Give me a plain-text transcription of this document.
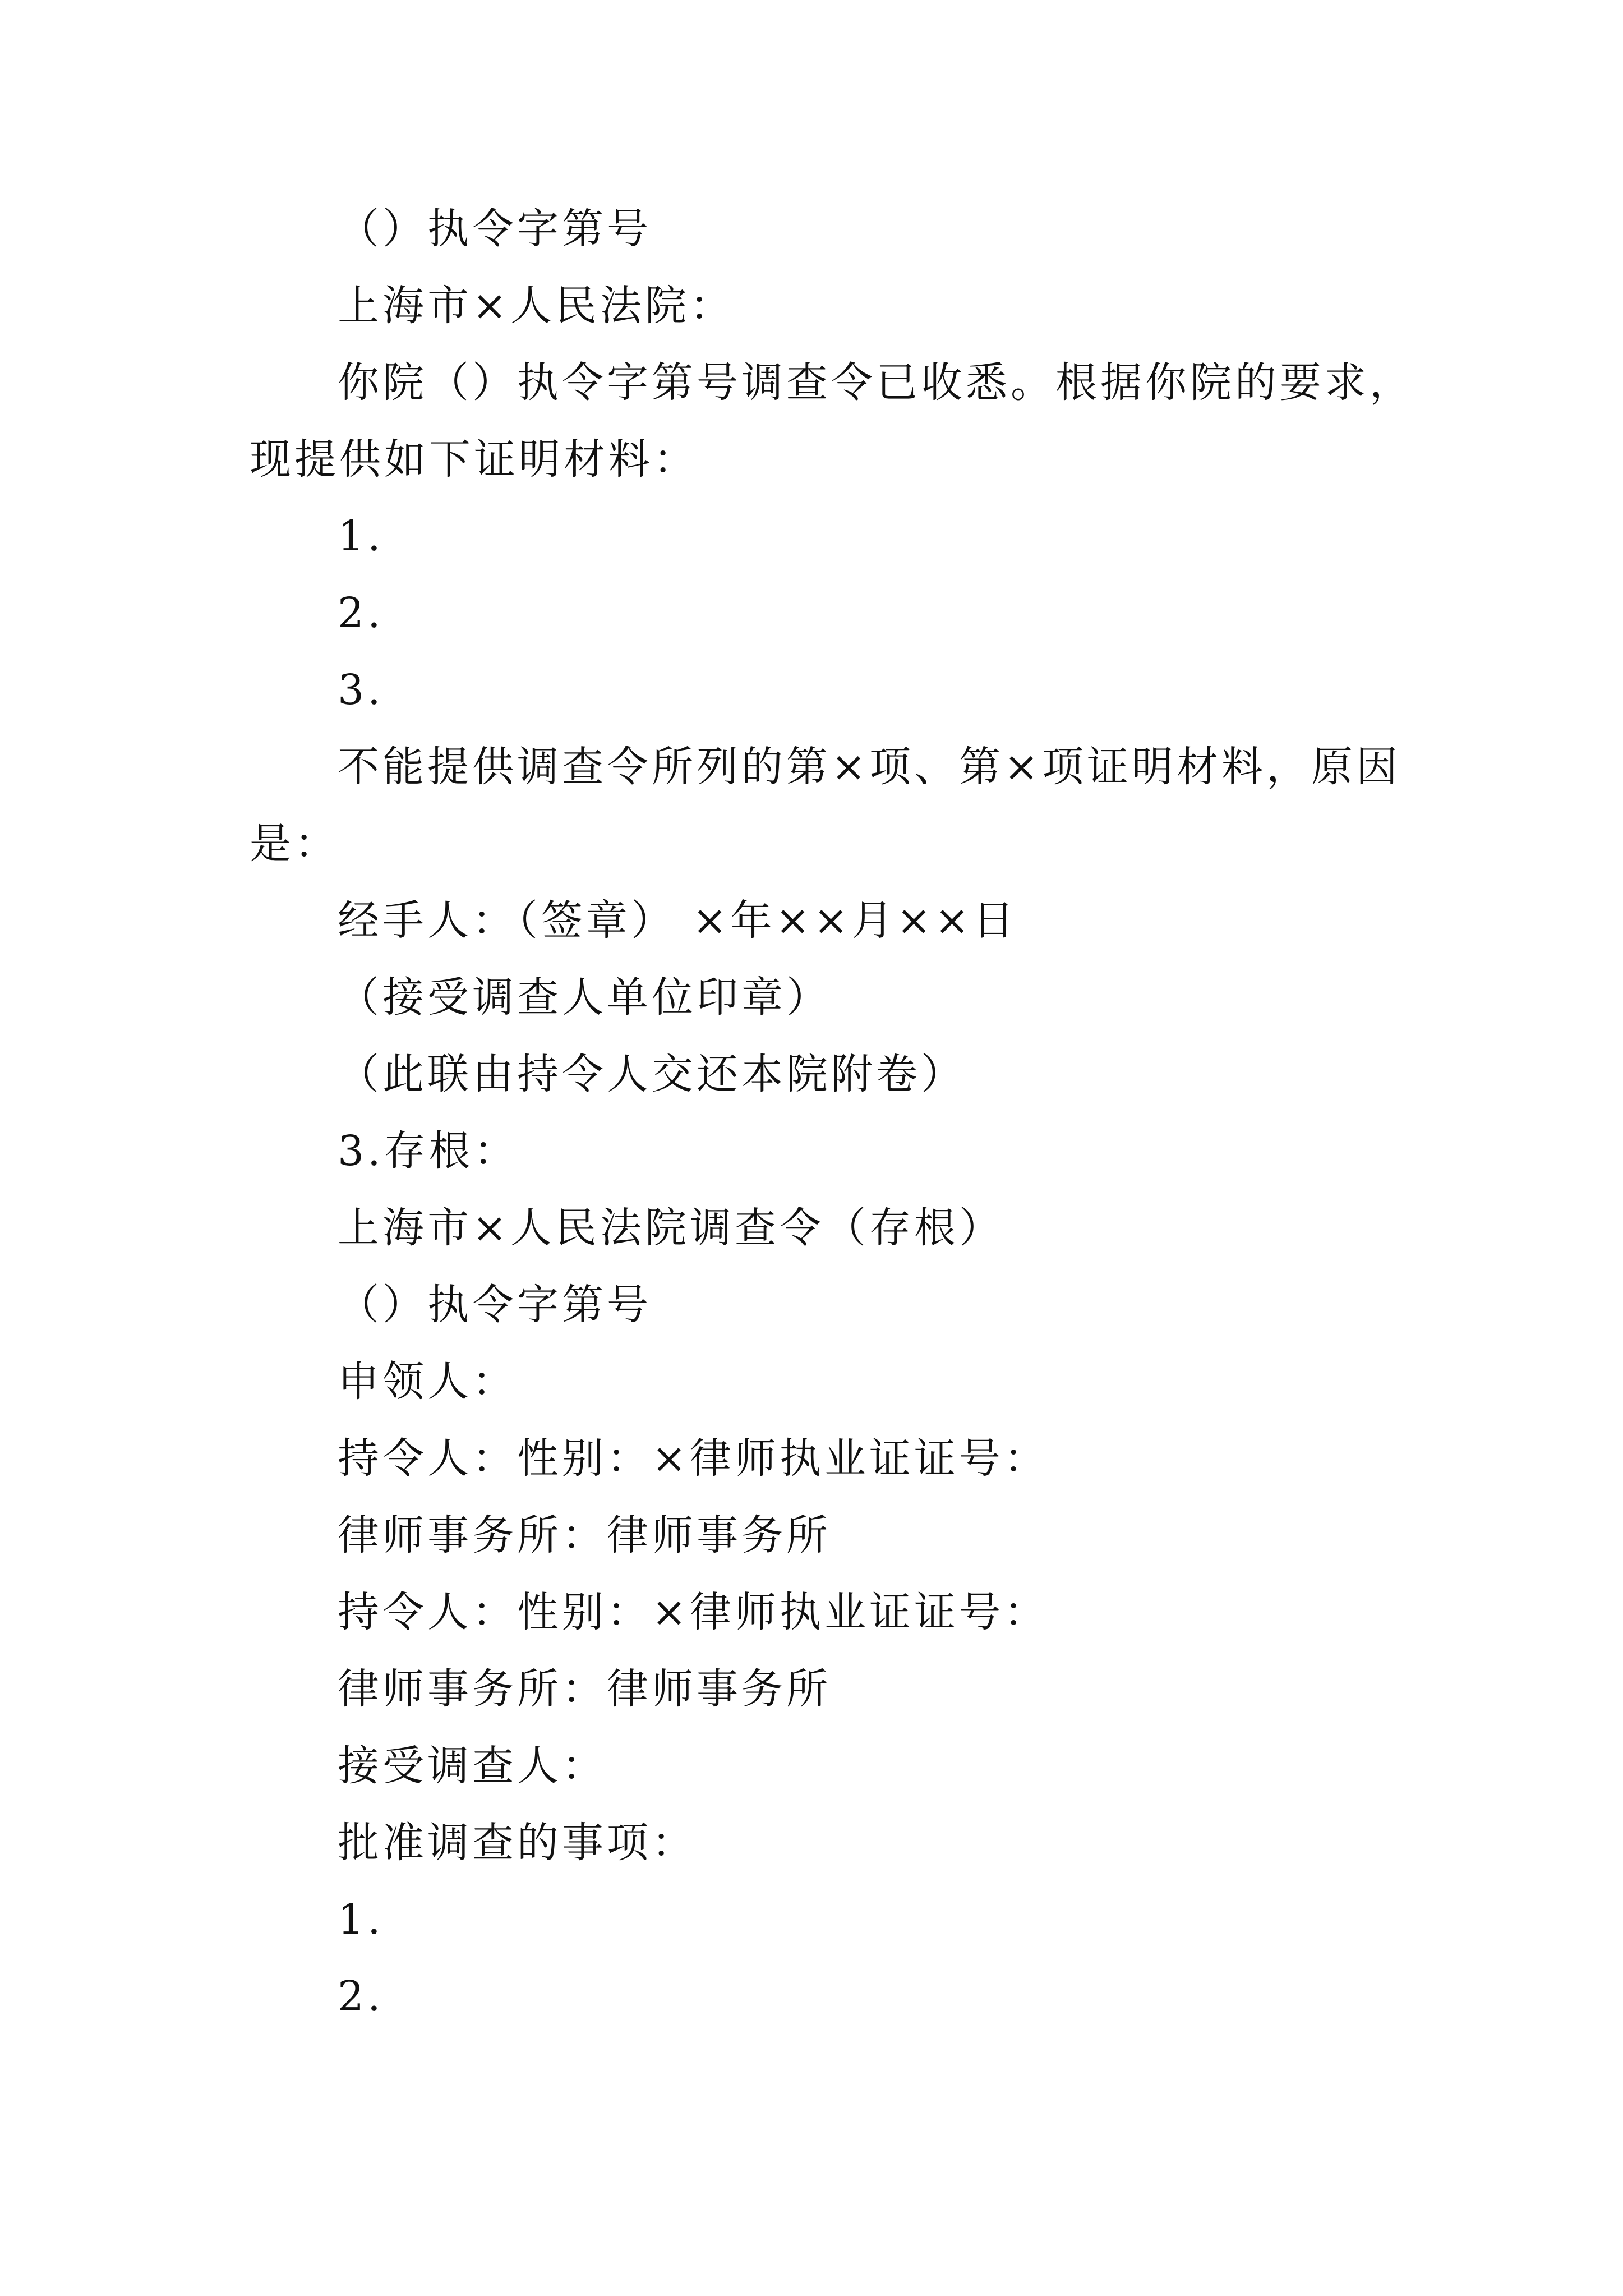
（）执令字第号
上海市×人民法院：
你院（）执令字第号调查令已收悉。根据你院的要求，
现提供如下证明材料：
1.
2.
3.
不能提供调查令所列的第×项、第×项证明材料，原因
是：
经手人：（签章） ×年××月××日
（接受调查人单位印章）
（此联由持令人交还本院附卷）
3.存根：
上海市×人民法院调查令（存根）
（）执令字第号
申领人：
持令人：性别：×律师执业证证号：
律师事务所：律师事务所
持令人：性别：×律师执业证证号：
律师事务所：律师事务所
接受调查人：
批准调查的事项：
1.
2.
